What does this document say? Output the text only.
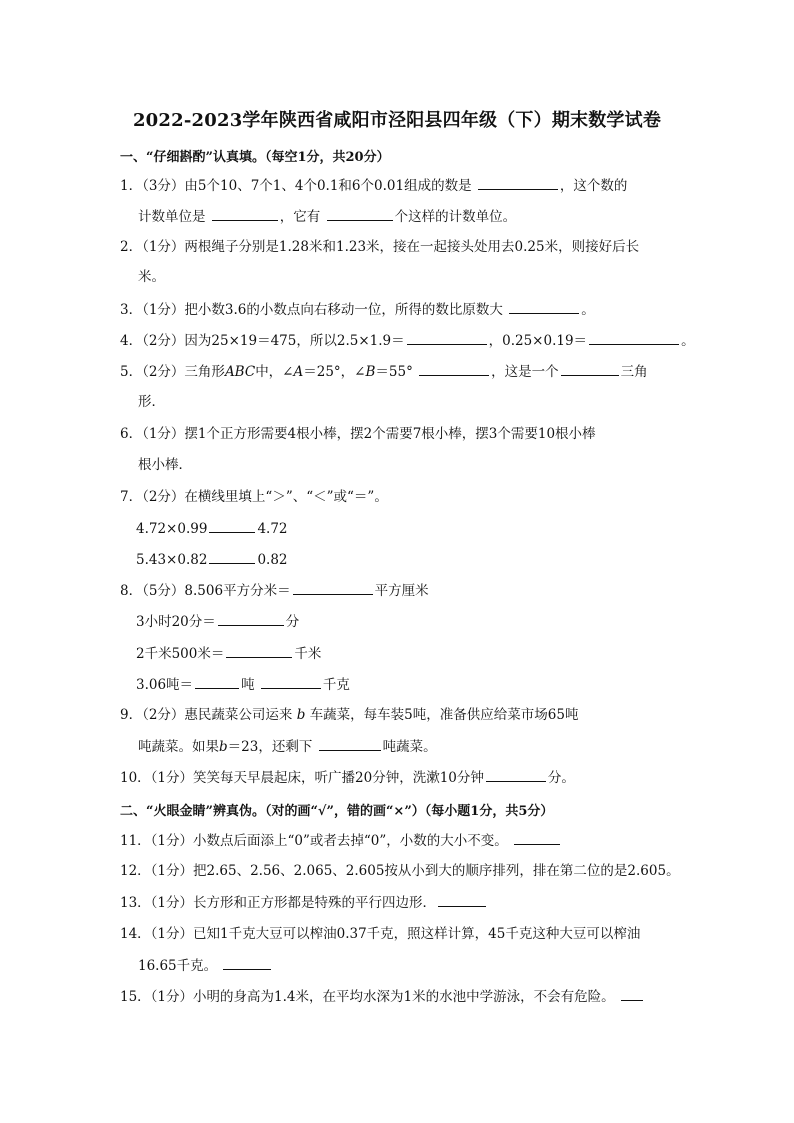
2022-2023学年陕西省咸阳市泾阳县四年级（下）期末数学试卷
一、“仔细斟酌”认真填。（每空1分，共20分）
1．（3分）由5个10、7个1、4个0.1和6个0.01组成的数是	，这个数的
计数单位是	，它有	个这样的计数单位。
2．（1分）两根绳子分别是1.28米和1.23米，接在一起接头处用去0.25米，则接好后长
米。
3．（1分）把小数3.6的小数点向右移动一位，所得的数比原数大	。
4．（2分）因为25×19＝475，所以2.5×1.9＝	，0.25×0.19＝	。
5．（2分）三角形ABC中，∠A＝25°，∠B＝55°	，这是一个	三角
形．
6．（1分）摆1个正方形需要4根小棒，摆2个需要7根小棒，摆3个需要10根小棒
根小棒．
7．（2分）在横线里填上“＞”、“＜”或“＝”。
4.72×0.99	4.72
5.43×0.82	0.82
8．（5分）8.506平方分米＝	平方厘米
3小时20分＝	分
2千米500米＝	千米
3.06吨＝	吨	千克
9．（2分）惠民蔬菜公司运来 b 车蔬菜，每车装5吨，准备供应给菜市场65吨
吨蔬菜。如果b＝23，还剩下	吨蔬菜。
10．（1分）笑笑每天早晨起床，听广播20分钟，洗漱10分钟	分。
二、“火眼金睛”辨真伪。（对的画“√”，错的画“×”）（每小题1分，共5分）
11．（1分）小数点后面添上“0”或者去掉“0”，小数的大小不变。
12．（1分）把2.65、2.56、2.065、2.605按从小到大的顺序排列，排在第二位的是2.605。
13．（1分）长方形和正方形都是特殊的平行四边形．
14．（1分）已知1千克大豆可以榨油0.37千克，照这样计算，45千克这种大豆可以榨油
16.65千克。
15．（1分）小明的身高为1.4米，在平均水深为1米的水池中学游泳，不会有危险。
